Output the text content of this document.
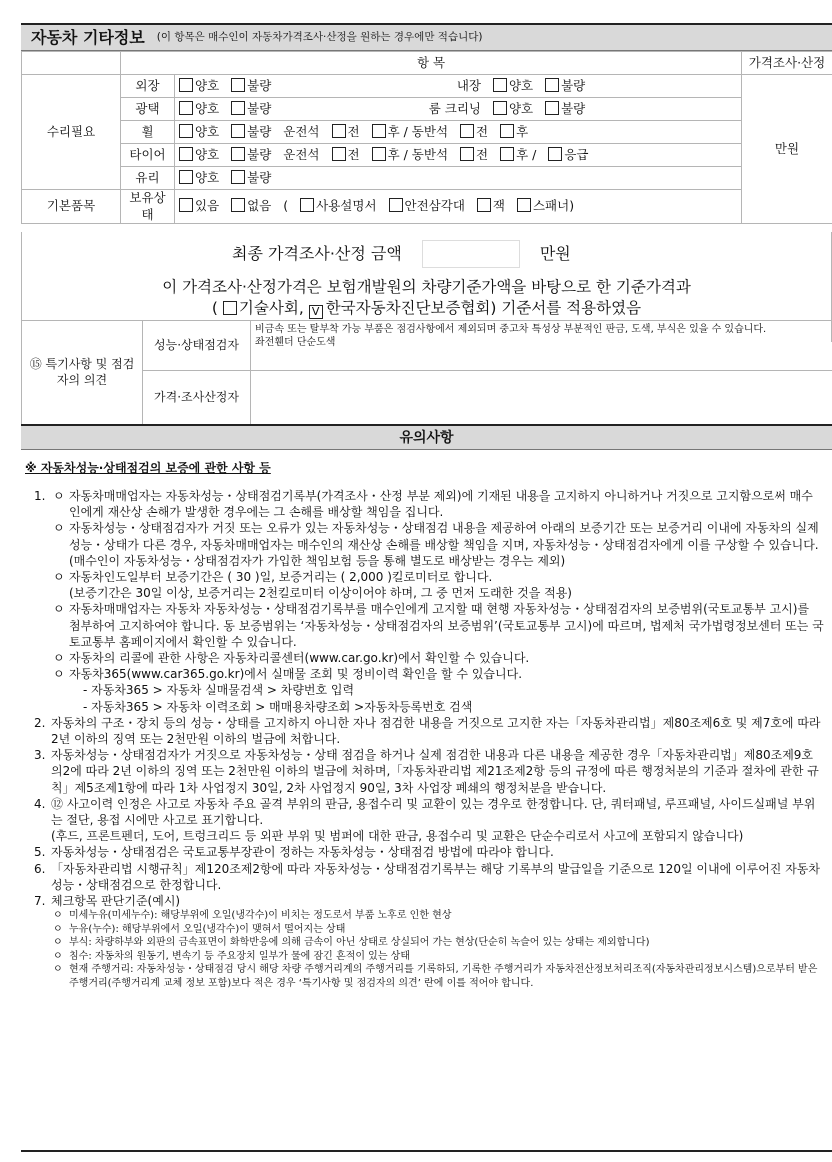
자동차 기타정보 (이 항목은 매수인이 자동차가격조사·산정을 원하는 경우에만 적습니다)
	항 목		가격조사·산정
수리필요	외장	양호 불량 내장 양호 불량	만원
	광택	양호 불량 룸 크리닝 양호 불량	
	휠	양호 불량 운전석 전 후 / 동반석 전 후	
	타이어	양호 불량 운전석 전 후 / 동반석 전 후 / 응급	
	유리	양호 불량	
기본품목	보유상태	있음 없음 ( 사용설명서 안전삼각대 잭 스패너)	
최종 가격조사·산정 금액	만원
이 가격조사·산정가격은 보험개발원의 차량기준가액을 바탕으로 한 기준가격과
( 기술사회, V 한국자동차진단보증협회) 기준서를 적용하였음
⑮ 특기사항 및 점검자의 의견	성능·상태점검자	비금속 또는 탈부착 가능 부품은 점검사항에서 제외되며 중고차 특성상 부분적인 판금, 도색, 부식은 있을 수 있습니다.
좌전휀더 단순도색

	가격·조사산정자	
유의사항
※ 자동차성능·상태점검의 보증에 관한 사항 등
1. ㅇ 자동차매매업자는 자동차성능・상태점검기록부(가격조사・산정 부분 제외)에 기재된 내용을 고지하지 아니하거나 거짓으로 고지함으로써 매수인에게 재산상 손해가 발생한 경우에는 그 손해를 배상할 책임을 집니다.
ㅇ 자동차성능・상태점검자가 거짓 또는 오류가 있는 자동차성능・상태점검 내용을 제공하여 아래의 보증기간 또는 보증거리 이내에 자동차의 실제 성능・상태가 다른 경우, 자동차매매업자는 매수인의 재산상 손해를 배상할 책임을 지며, 자동차성능・상태점검자에게 이를 구상할 수 있습니다.(매수인이 자동차성능・상태점검자가 가입한 책임보험 등을 통해 별도로 배상받는 경우는 제외)
ㅇ 자동차인도일부터 보증기간은 ( 30 )일, 보증거리는 ( 2,000 )킬로미터로 합니다.
(보증기간은 30일 이상, 보증거리는 2천킬로미터 이상이어야 하며, 그 중 먼저 도래한 것을 적용)
ㅇ 자동차매매업자는 자동차 자동차성능・상태점검기록부를 매수인에게 고지할 때 현행 자동차성능・상태점검자의 보증범위(국토교통부 고시)를 첨부하여 고지하여야 합니다. 동 보증범위는 ‘자동차성능・상태점검자의 보증범위’(국토교통부 고시)에 따르며, 법제처 국가법령정보센터 또는 국토교통부 홈페이지에서 확인할 수 있습니다.
ㅇ 자동차의 리콜에 관한 사항은 자동차리콜센터(www.car.go.kr)에서 확인할 수 있습니다.
ㅇ 자동차365(www.car365.go.kr)에서 실매물 조회 및 정비이력 확인을 할 수 있습니다.
- 자동차365 > 자동차 실매물검색 > 차량번호 입력
- 자동차365 > 자동차 이력조회 > 매매용차량조회 >자동차등록번호 검색
2. 자동차의 구조・장치 등의 성능・상태를 고지하지 아니한 자나 점검한 내용을 거짓으로 고지한 자는「자동차관리법」제80조제6호 및 제7호에 따라 2년 이하의 징역 또는 2천만원 이하의 벌금에 처합니다.
3. 자동차성능・상태점검자가 거짓으로 자동차성능・상태 점검을 하거나 실제 점검한 내용과 다른 내용을 제공한 경우「자동차관리법」제80조제9호의2에 따라 2년 이하의 징역 또는 2천만원 이하의 벌금에 처하며,「자동차관리법 제21조제2항 등의 규정에 따른 행정처분의 기준과 절차에 관한 규칙」제5조제1항에 따라 1차 사업정지 30일, 2차 사업정지 90일, 3차 사업장 폐쇄의 행정처분을 받습니다.
4. ⑫ 사고이력 인정은 사고로 자동차 주요 골격 부위의 판금, 용접수리 및 교환이 있는 경우로 한정합니다. 단, 쿼터패널, 루프패널, 사이드실패널 부위는 절단, 용접 시에만 사고로 표기합니다.
(후드, 프론트펜더, 도어, 트렁크리드 등 외판 부위 및 범퍼에 대한 판금, 용접수리 및 교환은 단순수리로서 사고에 포함되지 않습니다)
5. 자동차성능・상태점검은 국토교통부장관이 정하는 자동차성능・상태점검 방법에 따라야 합니다.
6. 「자동차관리법 시행규칙」제120조제2항에 따라 자동차성능・상태점검기록부는 해당 기록부의 발급일을 기준으로 120일 이내에 이루어진 자동차 성능・상태점검으로 한정합니다.
7. 체크항목 판단기준(예시)
ㅇ 미세누유(미세누수): 해당부위에 오일(냉각수)이 비치는 정도로서 부품 노후로 인한 현상
ㅇ 누유(누수): 해당부위에서 오일(냉각수)이 맺혀서 떨어지는 상태
ㅇ 부식: 차량하부와 외판의 금속표면이 화학반응에 의해 금속이 아닌 상태로 상실되어 가는 현상(단순히 녹슬어 있는 상태는 제외합니다)
ㅇ 침수: 자동차의 원동기, 변속기 등 주요장치 일부가 물에 잠긴 흔적이 있는 상태
ㅇ 현재 주행거리: 자동차성능・상태점검 당시 해당 차량 주행거리계의 주행거리를 기록하되, 기록한 주행거리가 자동차전산정보처리조직(자동차관리정보시스템)으로부터 받은 주행거리(주행거리계 교체 정보 포함)보다 적은 경우 ‘특기사항 및 점검자의 의견’ 란에 이를 적어야 합니다.
